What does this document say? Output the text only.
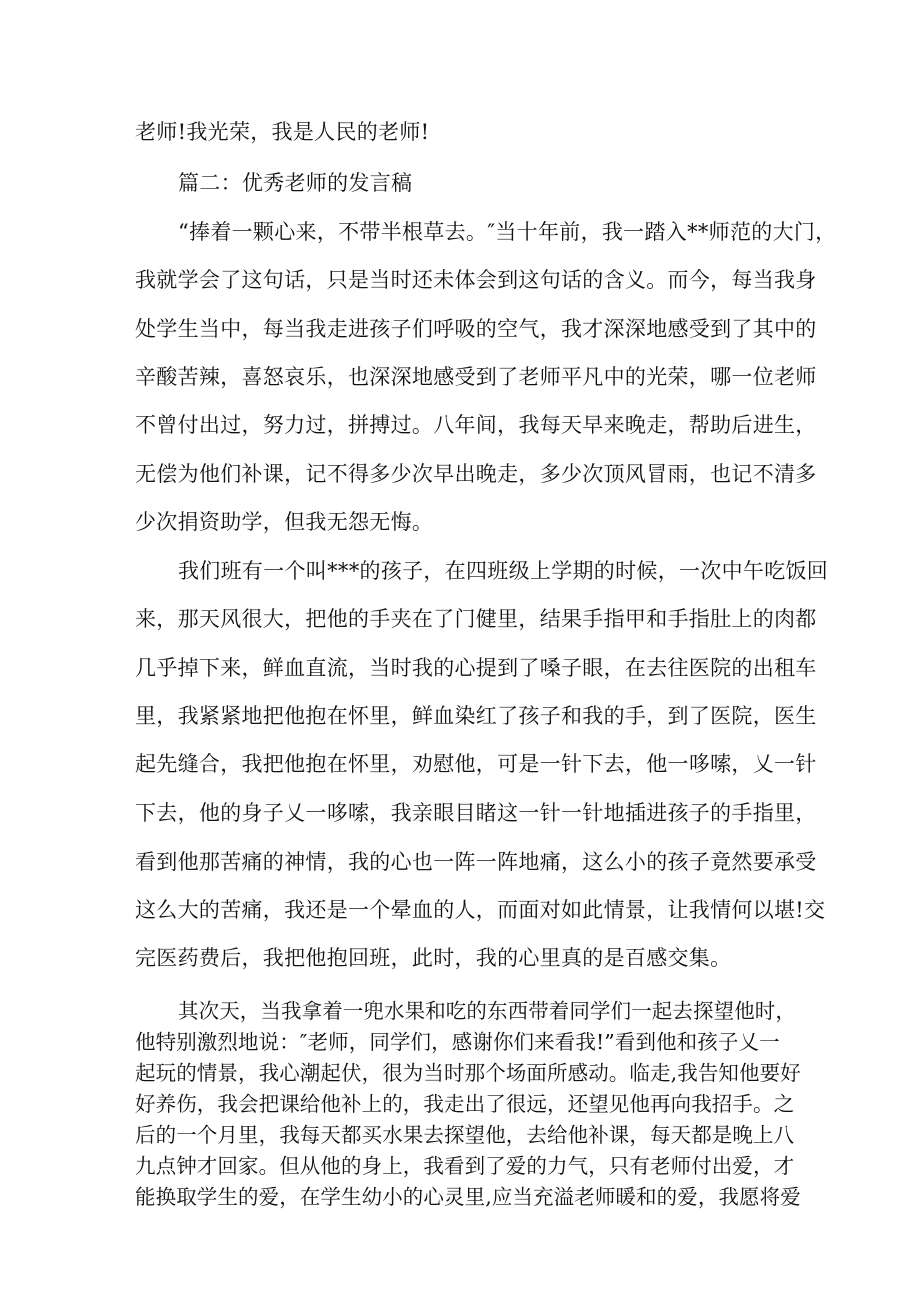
老师!我光荣，我是人民的老师!
篇二：优秀老师的发言稿
“捧着一颗心来，不带半根草去。″当十年前，我一踏入**师范的大门，
我就学会了这句话，只是当时还未体会到这句话的含义。而今，每当我身
处学生当中，每当我走进孩子们呼吸的空气，我才深深地感受到了其中的
辛酸苦辣，喜怒哀乐，也深深地感受到了老师平凡中的光荣，哪一位老师
不曾付出过，努力过，拼搏过。八年间，我每天早来晚走，帮助后进生，
无偿为他们补课，记不得多少次早出晚走，多少次顶风冒雨，也记不清多
少次捐资助学，但我无怨无悔。
我们班有一个叫***的孩子，在四班级上学期的时候，一次中午吃饭回
来，那天风很大，把他的手夹在了门健里，结果手指甲和手指肚上的肉都
几乎掉下来，鲜血直流，当时我的心提到了嗓子眼，在去往医院的出租车
里，我紧紧地把他抱在怀里，鲜血染红了孩子和我的手，到了医院，医生
起先缝合，我把他抱在怀里，劝慰他，可是一针下去，他一哆嗦，乂一针
下去，他的身子乂一哆嗦，我亲眼目睹这一针一针地插进孩子的手指里，
看到他那苦痛的神情，我的心也一阵一阵地痛，这么小的孩子竟然要承受
这么大的苦痛，我还是一个晕血的人，而面对如此情景，让我情何以堪!交
完医药费后，我把他抱回班，此时，我的心里真的是百感交集。
其次天，当我拿着一兜水果和吃的东西带着同学们一起去探望他时，
他特别激烈地说：″老师，同学们，感谢你们来看我!”看到他和孩子乂一
起玩的情景，我心潮起伏，很为当时那个场面所感动。临走,我告知他要好
好养伤，我会把课给他补上的，我走出了很远，还望见他再向我招手。之
后的一个月里，我每天都买水果去探望他，去给他补课，每天都是晚上八
九点钟才回家。但从他的身上，我看到了爱的力气，只有老师付出爱，才
能换取学生的爱，在学生幼小的心灵里,应当充溢老师暖和的爱，我愿将爱
